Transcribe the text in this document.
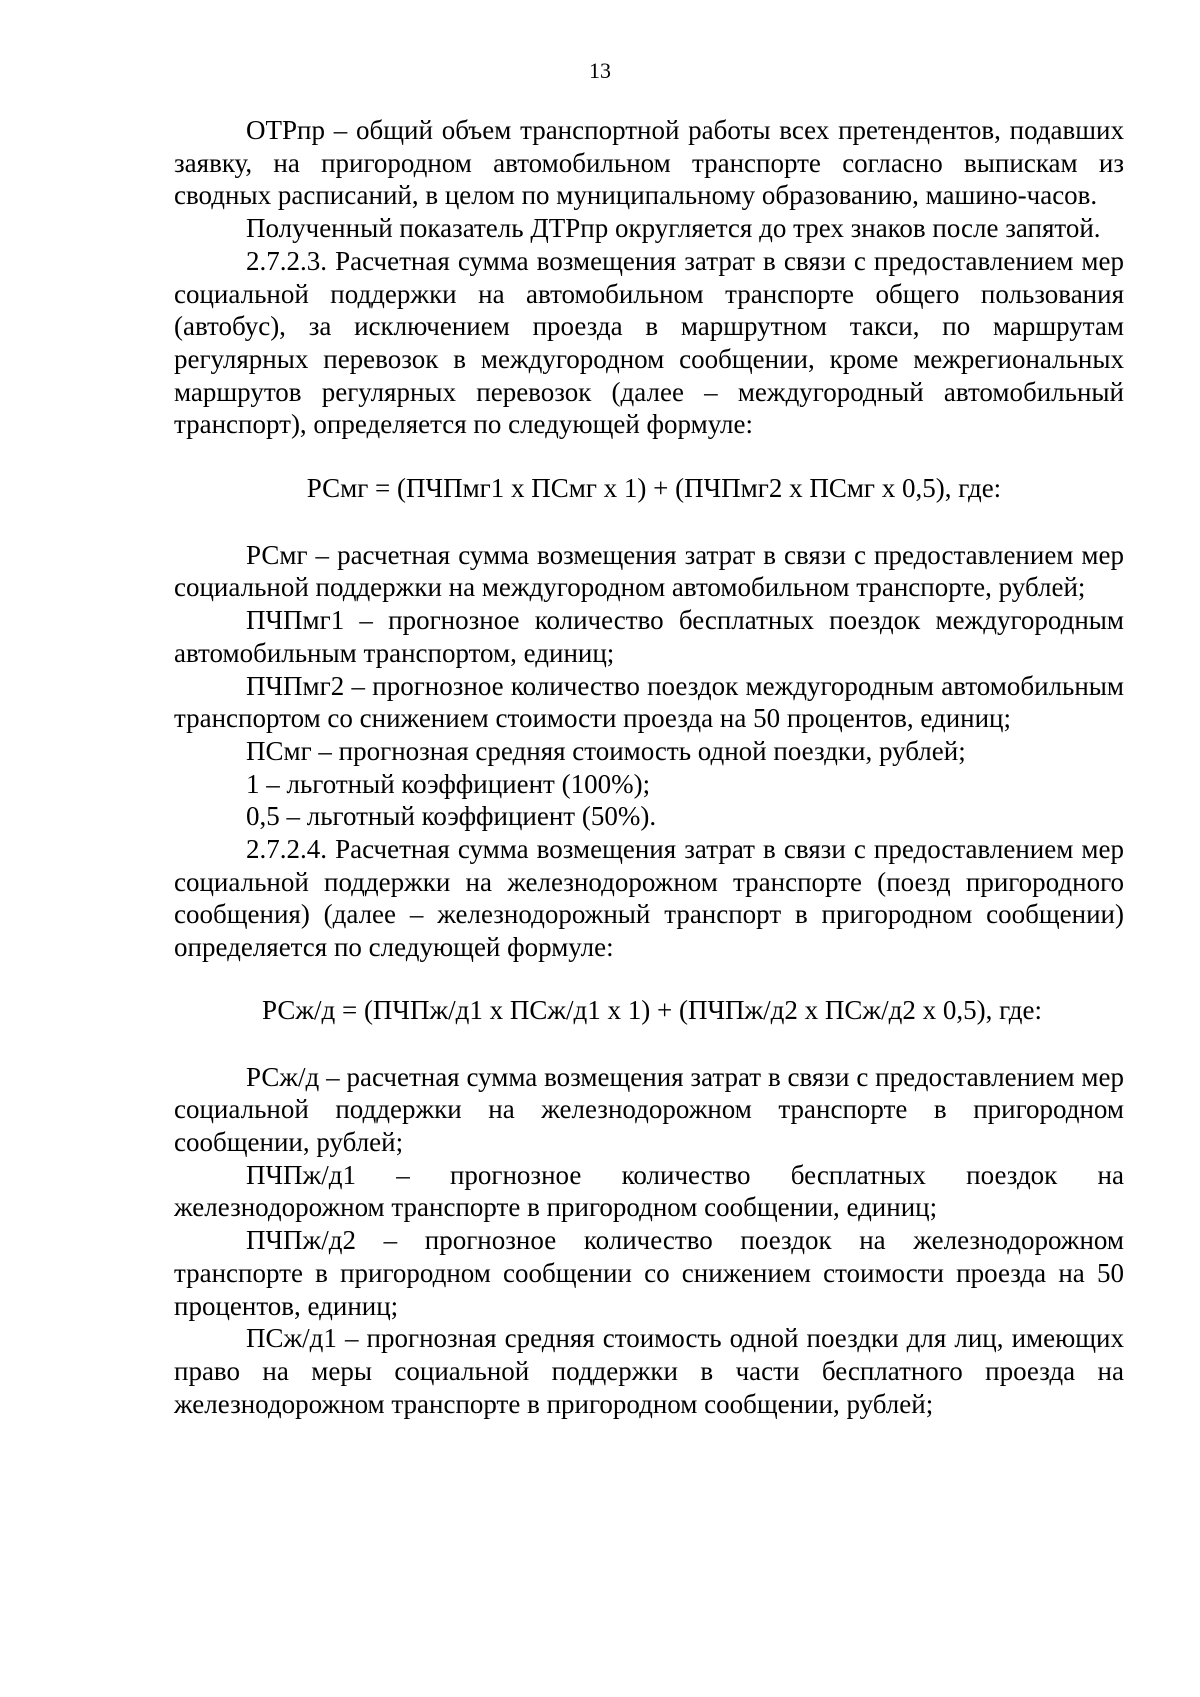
13

ОТРпр – общий объем транспортной работы всех претендентов, подавших заявку, на пригородном автомобильном транспорте согласно выпискам из сводных расписаний, в целом по муниципальному образованию, машино-часов.

Полученный показатель ДТРпр округляется до трех знаков после запятой.

2.7.2.3. Расчетная сумма возмещения затрат в связи с предоставлением мер социальной поддержки на автомобильном транспорте общего пользования (автобус), за исключением проезда в маршрутном такси, по маршрутам регулярных перевозок в междугородном сообщении, кроме межрегиональных маршрутов регулярных перевозок (далее – междугородный автомобильный транспорт), определяется по следующей формуле:

РСмг = (ПЧПмг1 x ПСмг x 1) + (ПЧПмг2 x ПСмг x 0,5), где:

РСмг – расчетная сумма возмещения затрат в связи с предоставлением мер социальной поддержки на междугородном автомобильном транспорте, рублей;

ПЧПмг1 – прогнозное количество бесплатных поездок междугородным автомобильным транспортом, единиц;

ПЧПмг2 – прогнозное количество поездок междугородным автомобильным транспортом со снижением стоимости проезда на 50 процентов, единиц;

ПСмг – прогнозная средняя стоимость одной поездки, рублей;

1 – льготный коэффициент (100%);

0,5 – льготный коэффициент (50%).

2.7.2.4. Расчетная сумма возмещения затрат в связи с предоставлением мер социальной поддержки на железнодорожном транспорте (поезд пригородного сообщения) (далее – железнодорожный транспорт в пригородном сообщении) определяется по следующей формуле:

РСж/д = (ПЧПж/д1 x ПСж/д1 x 1) + (ПЧПж/д2 x ПСж/д2 x 0,5), где:

РСж/д – расчетная сумма возмещения затрат в связи с предоставлением мер социальной поддержки на железнодорожном транспорте в пригородном сообщении, рублей;

ПЧПж/д1 – прогнозное количество бесплатных поездок на железнодорожном транспорте в пригородном сообщении, единиц;

ПЧПж/д2 – прогнозное количество поездок на железнодорожном транспорте в пригородном сообщении со снижением стоимости проезда на 50 процентов, единиц;

ПСж/д1 – прогнозная средняя стоимость одной поездки для лиц, имеющих право на меры социальной поддержки в части бесплатного проезда на железнодорожном транспорте в пригородном сообщении, рублей;
